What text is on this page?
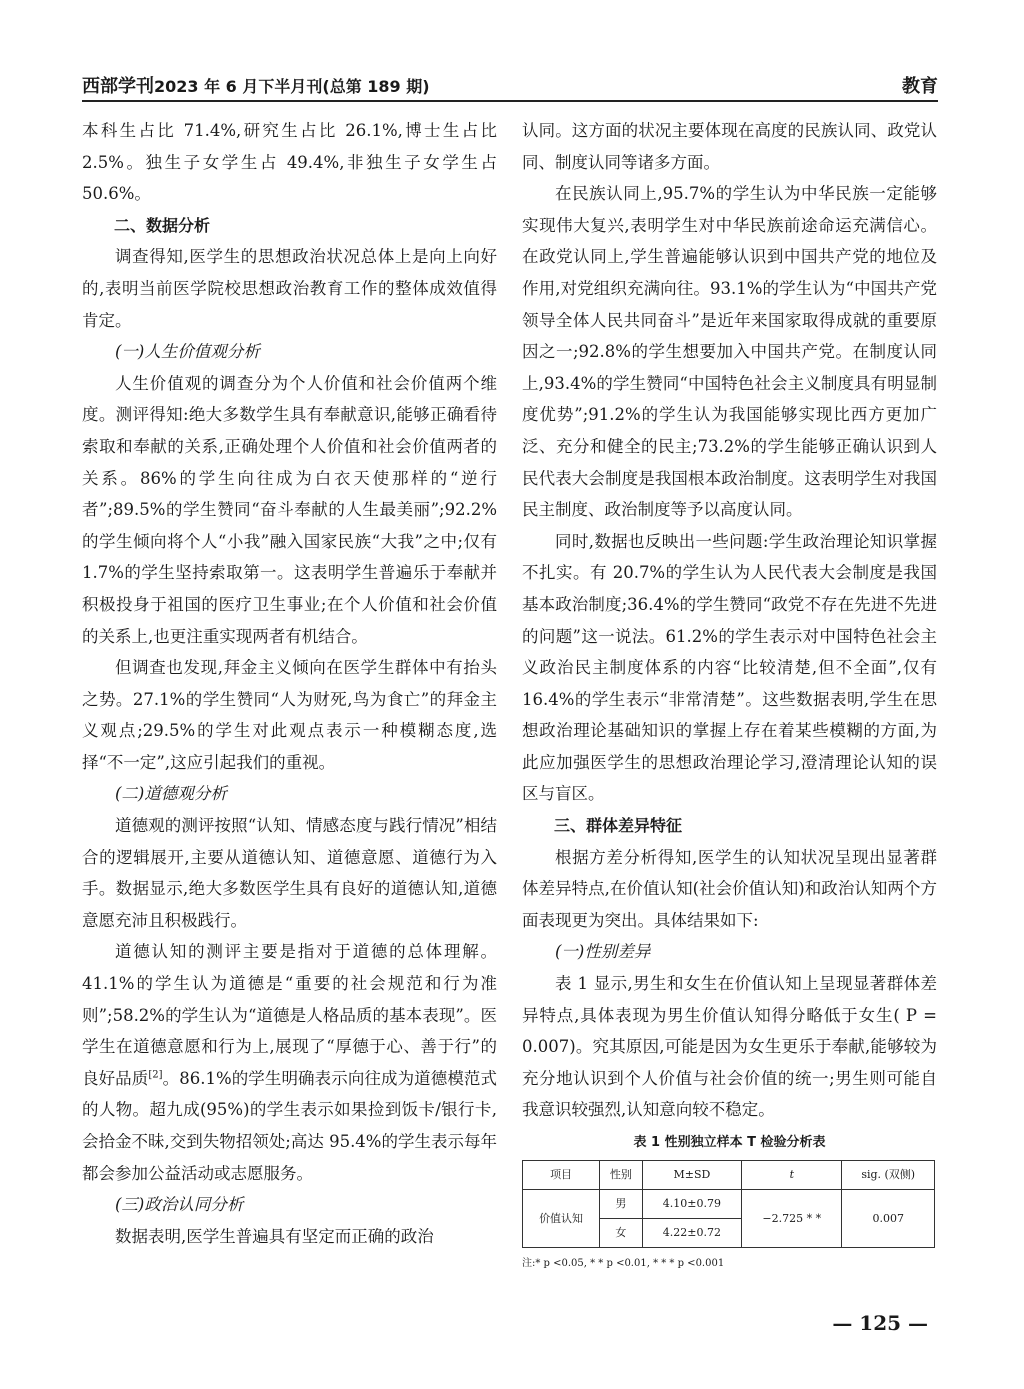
西部学刊2023 年 6 月下半月刊(总第 189 期)	教育

本科生占比 71.4%,研究生占比 26.1%,博士生占比 2.5%。独生子女学生占 49.4%,非独生子女学生占 50.6%。

二、数据分析

调查得知,医学生的思想政治状况总体上是向上向好的,表明当前医学院校思想政治教育工作的整体成效值得肯定。

(一)人生价值观分析

人生价值观的调查分为个人价值和社会价值两个维度。测评得知:绝大多数学生具有奉献意识,能够正确看待索取和奉献的关系,正确处理个人价值和社会价值两者的关系。86%的学生向往成为白衣天使那样的“逆行者”;89.5%的学生赞同“奋斗奉献的人生最美丽”;92.2%的学生倾向将个人“小我”融入国家民族“大我”之中;仅有 1.7%的学生坚持索取第一。这表明学生普遍乐于奉献并积极投身于祖国的医疗卫生事业;在个人价值和社会价值的关系上,也更注重实现两者有机结合。

但调查也发现,拜金主义倾向在医学生群体中有抬头之势。27.1%的学生赞同“人为财死,鸟为食亡”的拜金主义观点;29.5%的学生对此观点表示一种模糊态度,选择“不一定”,这应引起我们的重视。

(二)道德观分析

道德观的测评按照“认知、情感态度与践行情况”相结合的逻辑展开,主要从道德认知、道德意愿、道德行为入手。数据显示,绝大多数医学生具有良好的道德认知,道德意愿充沛且积极践行。

道德认知的测评主要是指对于道德的总体理解。41.1%的学生认为道德是“重要的社会规范和行为准则”;58.2%的学生认为“道德是人格品质的基本表现”。医学生在道德意愿和行为上,展现了“厚德于心、善于行”的良好品质[2]。86.1%的学生明确表示向往成为道德模范式的人物。超九成(95%)的学生表示如果捡到饭卡/银行卡,会拾金不昧,交到失物招领处;高达 95.4%的学生表示每年都会参加公益活动或志愿服务。

(三)政治认同分析

数据表明,医学生普遍具有坚定而正确的政治

认同。这方面的状况主要体现在高度的民族认同、政党认同、制度认同等诸多方面。

在民族认同上,95.7%的学生认为中华民族一定能够实现伟大复兴,表明学生对中华民族前途命运充满信心。在政党认同上,学生普遍能够认识到中国共产党的地位及作用,对党组织充满向往。93.1%的学生认为“中国共产党领导全体人民共同奋斗”是近年来国家取得成就的重要原因之一;92.8%的学生想要加入中国共产党。在制度认同上,93.4%的学生赞同“中国特色社会主义制度具有明显制度优势”;91.2%的学生认为我国能够实现比西方更加广泛、充分和健全的民主;73.2%的学生能够正确认识到人民代表大会制度是我国根本政治制度。这表明学生对我国民主制度、政治制度等予以高度认同。

同时,数据也反映出一些问题:学生政治理论知识掌握不扎实。有 20.7%的学生认为人民代表大会制度是我国基本政治制度;36.4%的学生赞同“政党不存在先进不先进的问题”这一说法。61.2%的学生表示对中国特色社会主义政治民主制度体系的内容“比较清楚,但不全面”,仅有 16.4%的学生表示“非常清楚”。这些数据表明,学生在思想政治理论基础知识的掌握上存在着某些模糊的方面,为此应加强医学生的思想政治理论学习,澄清理论认知的误区与盲区。

三、群体差异特征

根据方差分析得知,医学生的认知状况呈现出显著群体差异特点,在价值认知(社会价值认知)和政治认知两个方面表现更为突出。具体结果如下:

(一)性别差异

表 1 显示,男生和女生在价值认知上呈现显著群体差异特点,具体表现为男生价值认知得分略低于女生( P = 0.007)。究其原因,可能是因为女生更乐于奉献,能够较为充分地认识到个人价值与社会价值的统一;男生则可能自我意识较强烈,认知意向较不稳定。

表 1 性别独立样本 T 检验分析表
项目	性别	M±SD	t	sig. (双侧)
价值认知	男	4.10±0.79	−2.725 * *	0.007
	女	4.22±0.72		
注:* p <0.05, * * p <0.01, * * * p <0.001
— 125 —
